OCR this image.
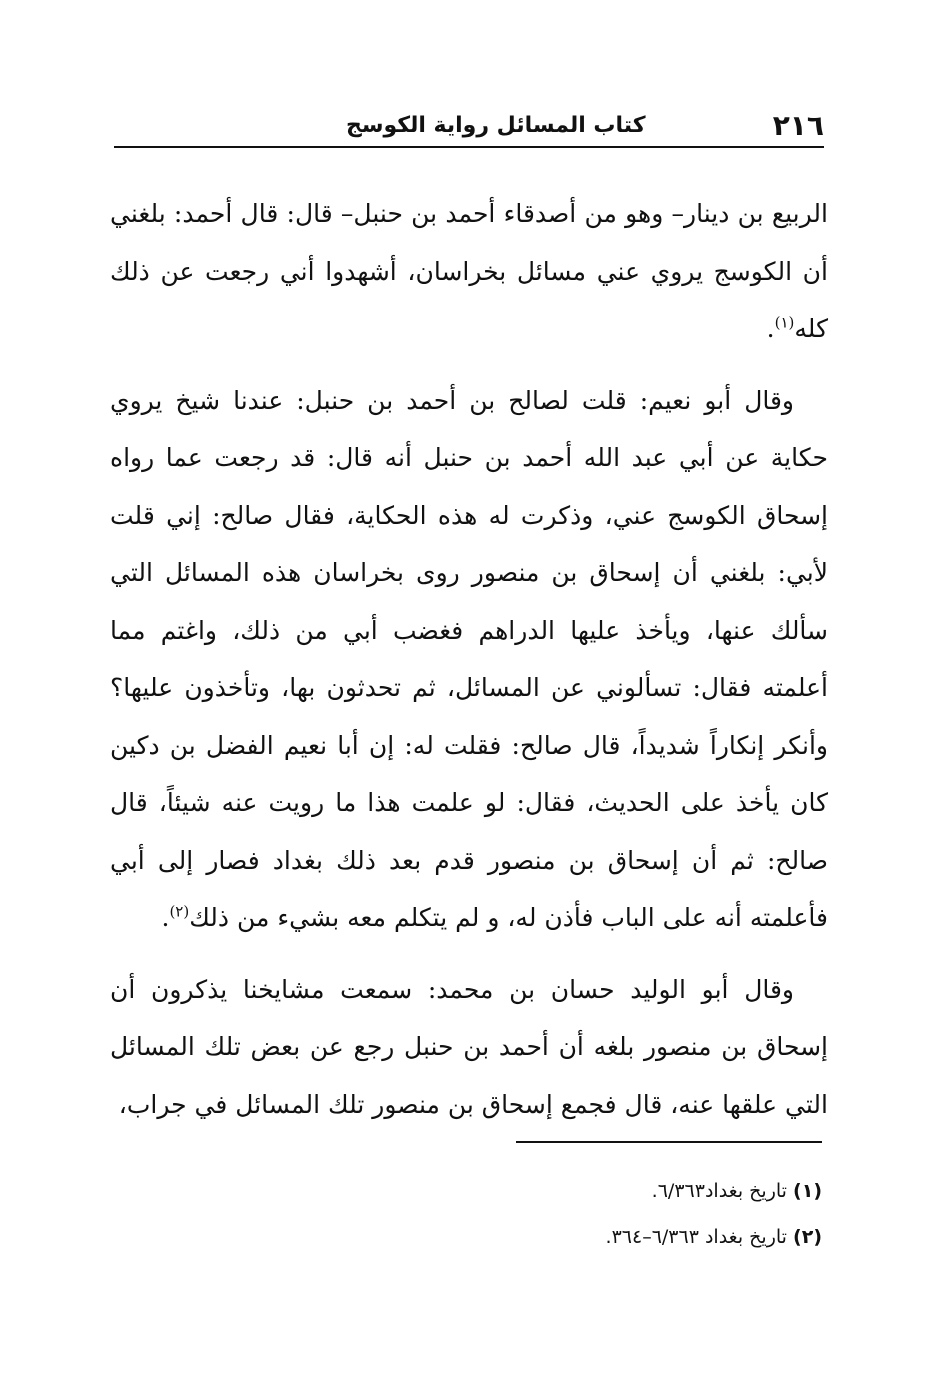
٢١٦
كتاب المسائل رواية الكوسج

الربيع بن دينار– وهو من أصدقاء أحمد بن حنبل– قال: قال أحمد: بلغني أن الكوسج يروي عني مسائل بخراسان، أشهدوا أني رجعت عن ذلك كله$^{(١)}$.

وقال أبو نعيم: قلت لصالح بن أحمد بن حنبل: عندنا شيخ يروي حكاية عن أبي عبد الله أحمد بن حنبل أنه قال: قد رجعت عما رواه إسحاق الكوسج عني، وذكرت له هذه الحكاية، فقال صالح: إني قلت لأبي: بلغني أن إسحاق بن منصور روى بخراسان هذه المسائل التي سألك عنها، ويأخذ عليها الدراهم فغضب أبي من ذلك، واغتم مما أعلمته فقال: تسألوني عن المسائل، ثم تحدثون بها، وتأخذون عليها؟ وأنكر إنكاراً شديداً، قال صالح: فقلت له: إن أبا نعيم الفضل بن دكين كان يأخذ على الحديث، فقال: لو علمت هذا ما رويت عنه شيئاً، قال صالح: ثم أن إسحاق بن منصور قدم بعد ذلك بغداد فصار إلى أبي فأعلمته أنه على الباب فأذن له، و لم يتكلم معه بشيء من ذلك$^{(٢)}$.

وقال أبو الوليد حسان بن محمد: سمعت مشايخنا يذكرون أن إسحاق بن منصور بلغه أن أحمد بن حنبل رجع عن بعض تلك المسائل التي علقها عنه، قال فجمع إسحاق بن منصور تلك المسائل في جراب،

(١) تاريخ بغداد٦/٣٦٣.
(٢) تاريخ بغداد ٦/٣٦٣–٣٦٤.
